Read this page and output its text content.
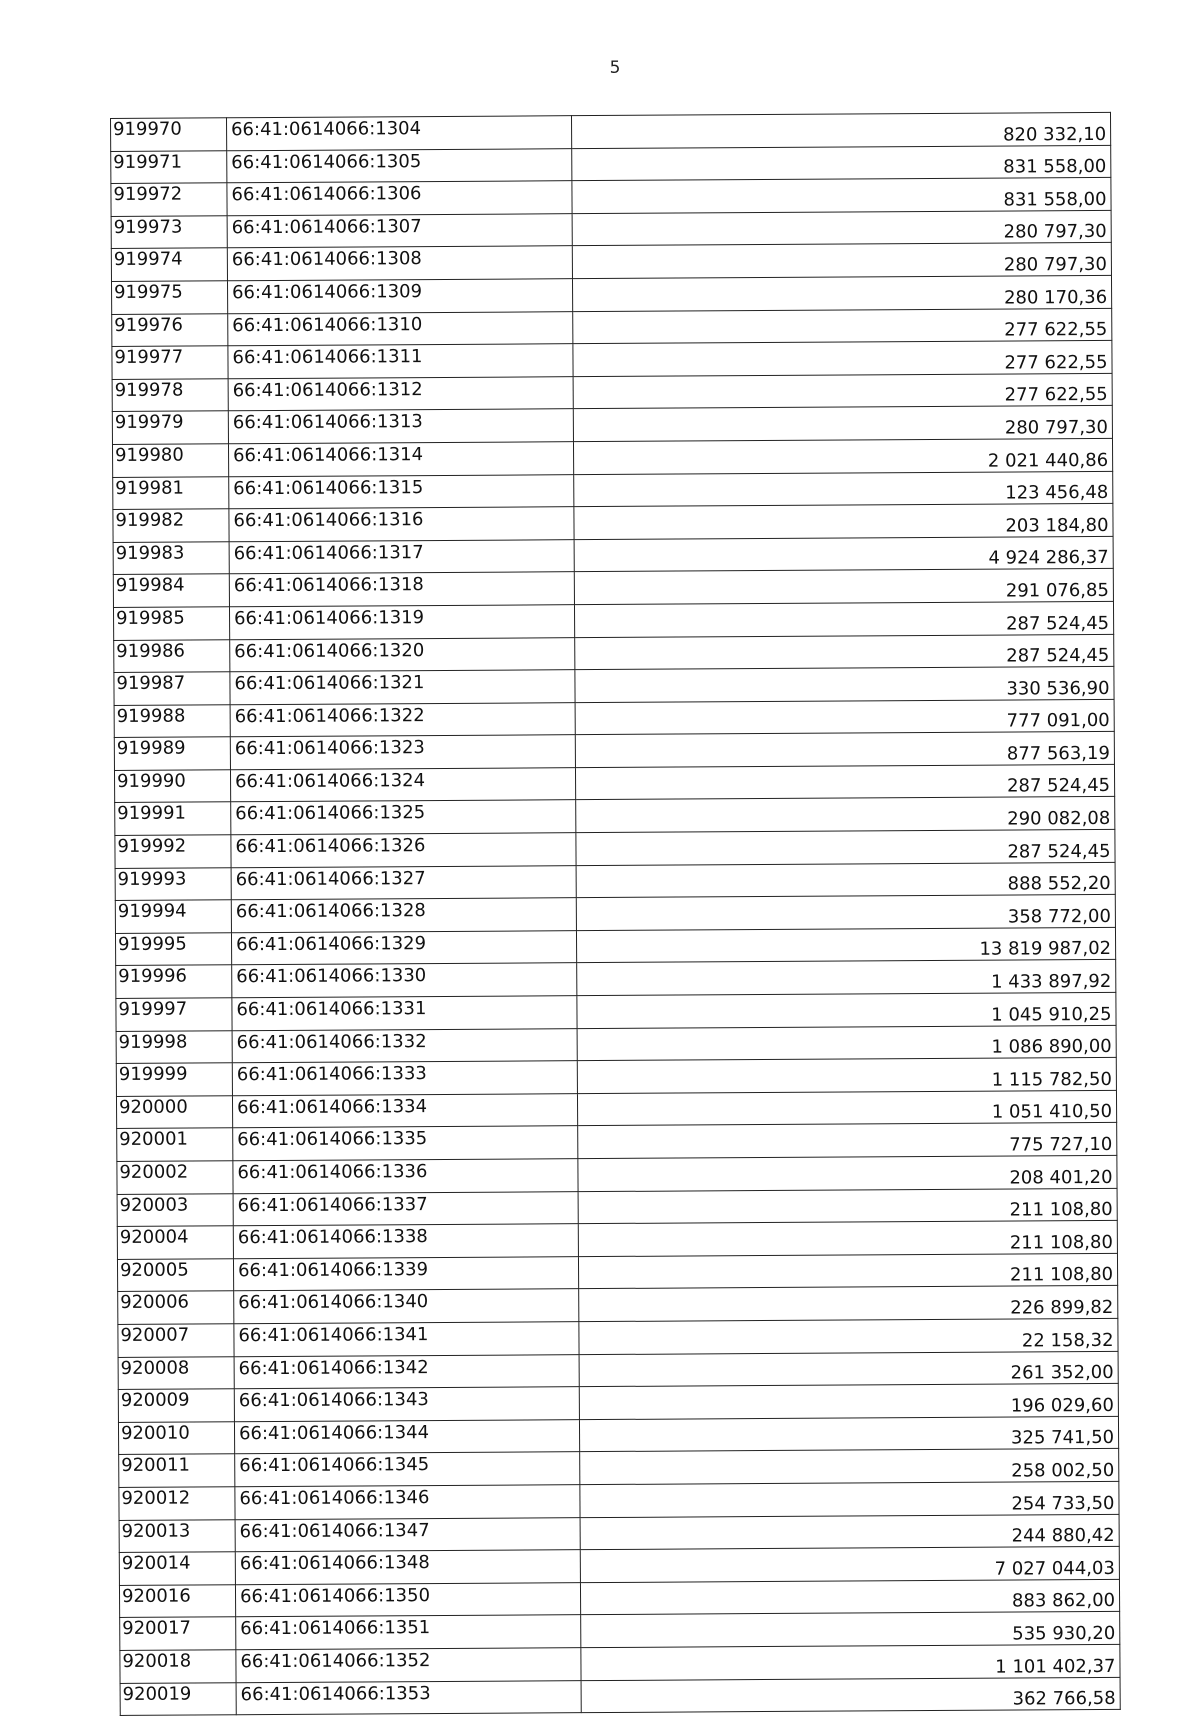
5
919970	66:41:0614066:1304	820 332,10
919971	66:41:0614066:1305	831 558,00
919972	66:41:0614066:1306	831 558,00
919973	66:41:0614066:1307	280 797,30
919974	66:41:0614066:1308	280 797,30
919975	66:41:0614066:1309	280 170,36
919976	66:41:0614066:1310	277 622,55
919977	66:41:0614066:1311	277 622,55
919978	66:41:0614066:1312	277 622,55
919979	66:41:0614066:1313	280 797,30
919980	66:41:0614066:1314	2 021 440,86
919981	66:41:0614066:1315	123 456,48
919982	66:41:0614066:1316	203 184,80
919983	66:41:0614066:1317	4 924 286,37
919984	66:41:0614066:1318	291 076,85
919985	66:41:0614066:1319	287 524,45
919986	66:41:0614066:1320	287 524,45
919987	66:41:0614066:1321	330 536,90
919988	66:41:0614066:1322	777 091,00
919989	66:41:0614066:1323	877 563,19
919990	66:41:0614066:1324	287 524,45
919991	66:41:0614066:1325	290 082,08
919992	66:41:0614066:1326	287 524,45
919993	66:41:0614066:1327	888 552,20
919994	66:41:0614066:1328	358 772,00
919995	66:41:0614066:1329	13 819 987,02
919996	66:41:0614066:1330	1 433 897,92
919997	66:41:0614066:1331	1 045 910,25
919998	66:41:0614066:1332	1 086 890,00
919999	66:41:0614066:1333	1 115 782,50
920000	66:41:0614066:1334	1 051 410,50
920001	66:41:0614066:1335	775 727,10
920002	66:41:0614066:1336	208 401,20
920003	66:41:0614066:1337	211 108,80
920004	66:41:0614066:1338	211 108,80
920005	66:41:0614066:1339	211 108,80
920006	66:41:0614066:1340	226 899,82
920007	66:41:0614066:1341	22 158,32
920008	66:41:0614066:1342	261 352,00
920009	66:41:0614066:1343	196 029,60
920010	66:41:0614066:1344	325 741,50
920011	66:41:0614066:1345	258 002,50
920012	66:41:0614066:1346	254 733,50
920013	66:41:0614066:1347	244 880,42
920014	66:41:0614066:1348	7 027 044,03
920016	66:41:0614066:1350	883 862,00
920017	66:41:0614066:1351	535 930,20
920018	66:41:0614066:1352	1 101 402,37
920019	66:41:0614066:1353	362 766,58
